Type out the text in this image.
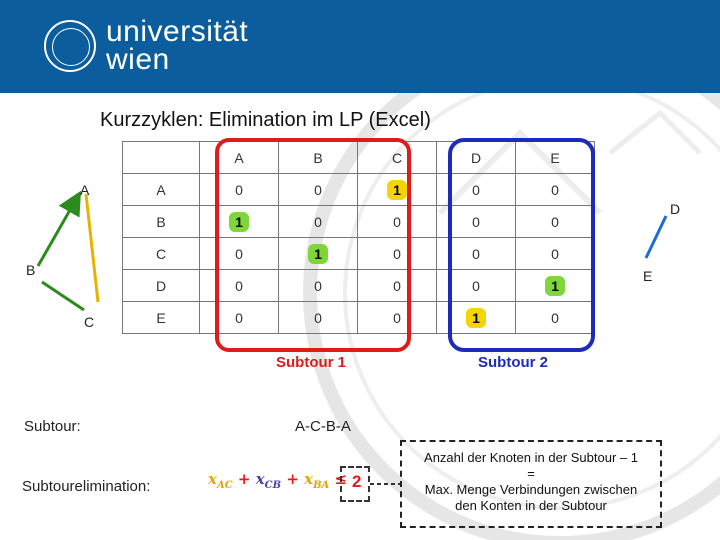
universität
wien
Kurzzyklen: Elimination im LP (Excel)
	A	B	C	D	E
A	0	0	1	0	0
B	1	0	0	0	0
C	0	1	0	0	0
D	0	0	0	0	1
E	0	0	0	1	0
A
B
C
D
E
Subtour 1	Subtour 2
Subtour:	A-C-B-A
Subtourelimination:	$x_{AC} + x_{CB} + x_{BA} \le 2$
Anzahl der Knoten in der Subtour – 1
=
Max. Menge Verbindungen zwischen
den Konten in der Subtour
